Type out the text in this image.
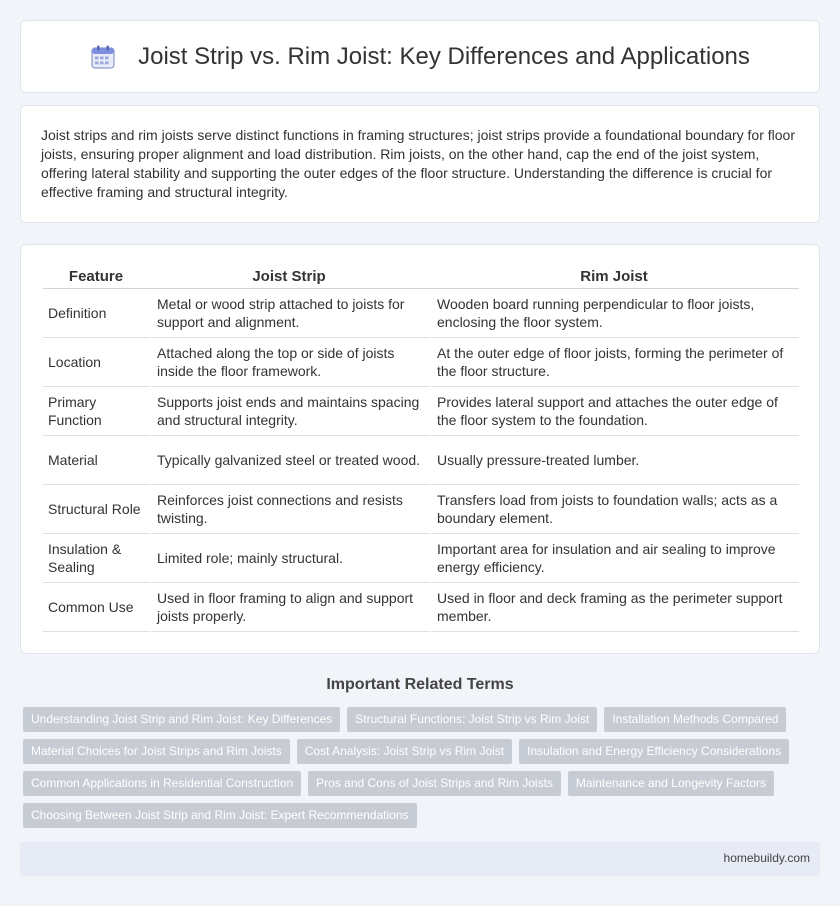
Joist Strip vs. Rim Joist: Key Differences and Applications

Joist strips and rim joists serve distinct functions in framing structures; joist strips provide a foundational boundary for floor joists, ensuring proper alignment and load distribution. Rim joists, on the other hand, cap the end of the joist system, offering lateral stability and supporting the outer edges of the floor structure. Understanding the difference is crucial for effective framing and structural integrity.

Feature	Joist Strip	Rim Joist
Definition	Metal or wood strip attached to joists for support and alignment.	Wooden board running perpendicular to floor joists, enclosing the floor system.
Location	Attached along the top or side of joists inside the floor framework.	At the outer edge of floor joists, forming the perimeter of the floor structure.
Primary Function	Supports joist ends and maintains spacing and structural integrity.	Provides lateral support and attaches the outer edge of the floor system to the foundation.
Material	Typically galvanized steel or treated wood.	Usually pressure-treated lumber.
Structural Role	Reinforces joist connections and resists twisting.	Transfers load from joists to foundation walls; acts as a boundary element.
Insulation & Sealing	Limited role; mainly structural.	Important area for insulation and air sealing to improve energy efficiency.
Common Use	Used in floor framing to align and support joists properly.	Used in floor and deck framing as the perimeter support member.
Important Related Terms
Understanding Joist Strip and Rim Joist: Key Differences	Structural Functions: Joist Strip vs Rim Joist	Installation Methods Compared
Material Choices for Joist Strips and Rim Joists	Cost Analysis: Joist Strip vs Rim Joist	Insulation and Energy Efficiency Considerations
Common Applications in Residential Construction	Pros and Cons of Joist Strips and Rim Joists	Maintenance and Longevity Factors
Choosing Between Joist Strip and Rim Joist: Expert Recommendations
homebuildy.com
